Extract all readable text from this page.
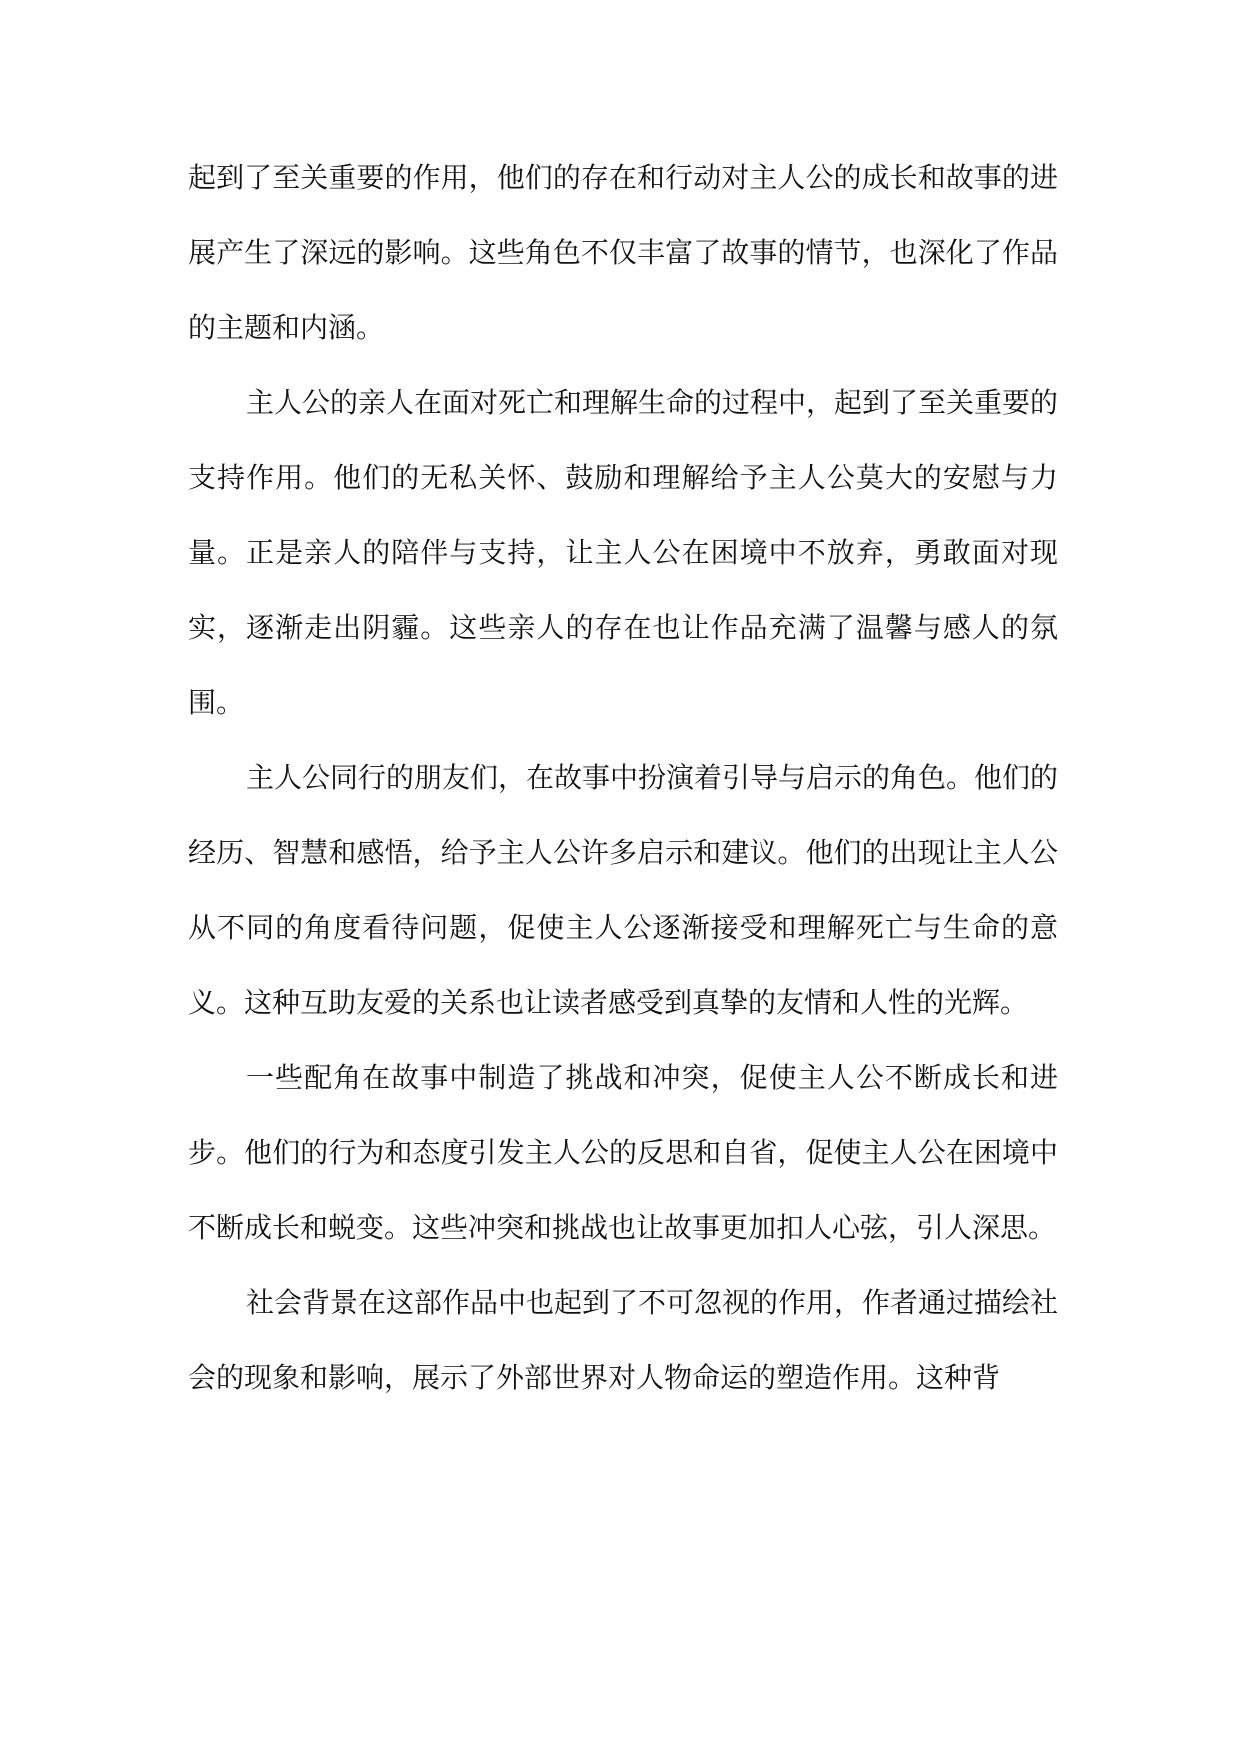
起到了至关重要的作用，他们的存在和行动对主人公的成长和故事的进展产生了深远的影响。这些角色不仅丰富了故事的情节，也深化了作品的主题和内涵。

主人公的亲人在面对死亡和理解生命的过程中，起到了至关重要的支持作用。他们的无私关怀、鼓励和理解给予主人公莫大的安慰与力量。正是亲人的陪伴与支持，让主人公在困境中不放弃，勇敢面对现实，逐渐走出阴霾。这些亲人的存在也让作品充满了温馨与感人的氛围。

主人公同行的朋友们，在故事中扮演着引导与启示的角色。他们的经历、智慧和感悟，给予主人公许多启示和建议。他们的出现让主人公从不同的角度看待问题，促使主人公逐渐接受和理解死亡与生命的意义。这种互助友爱的关系也让读者感受到真挚的友情和人性的光辉。

一些配角在故事中制造了挑战和冲突，促使主人公不断成长和进步。他们的行为和态度引发主人公的反思和自省，促使主人公在困境中不断成长和蜕变。这些冲突和挑战也让故事更加扣人心弦，引人深思。

社会背景在这部作品中也起到了不可忽视的作用，作者通过描绘社会的现象和影响，展示了外部世界对人物命运的塑造作用。这种背
